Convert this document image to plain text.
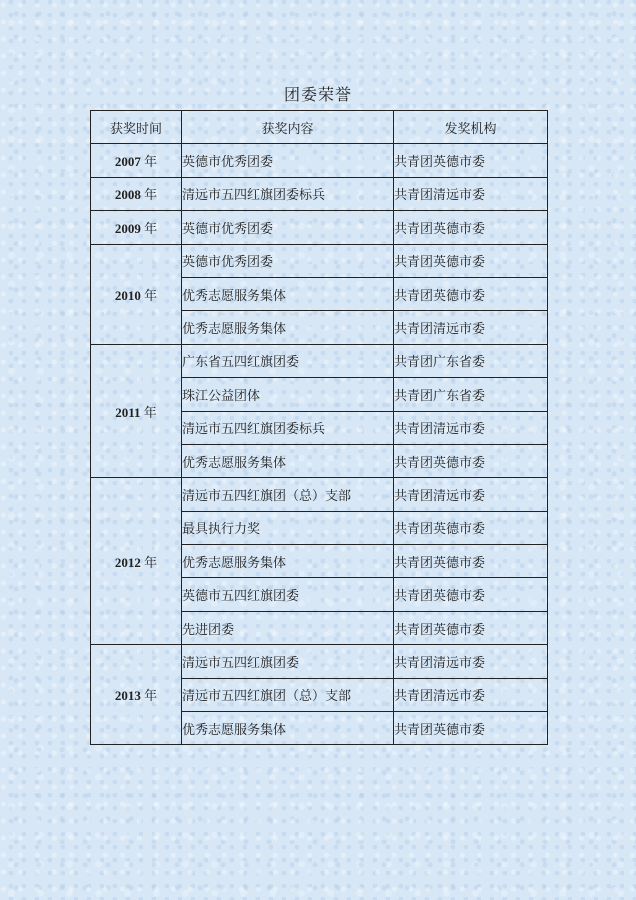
团委荣誉
获奖时间	获奖内容	发奖机构
2007 年	英德市优秀团委	共青团英德市委
2008 年	清远市五四红旗团委标兵	共青团清远市委
2009 年	英德市优秀团委	共青团英德市委
2010 年	英德市优秀团委	共青团英德市委
	优秀志愿服务集体	共青团英德市委
	优秀志愿服务集体	共青团清远市委
2011 年	广东省五四红旗团委	共青团广东省委
	珠江公益团体	共青团广东省委
	清远市五四红旗团委标兵	共青团清远市委
	优秀志愿服务集体	共青团英德市委
2012 年	清远市五四红旗团（总）支部	共青团清远市委
	最具执行力奖	共青团英德市委
	优秀志愿服务集体	共青团英德市委
	英德市五四红旗团委	共青团英德市委
	先进团委	共青团英德市委
2013 年	清远市五四红旗团委	共青团清远市委
	清远市五四红旗团（总）支部	共青团清远市委
	优秀志愿服务集体	共青团英德市委
